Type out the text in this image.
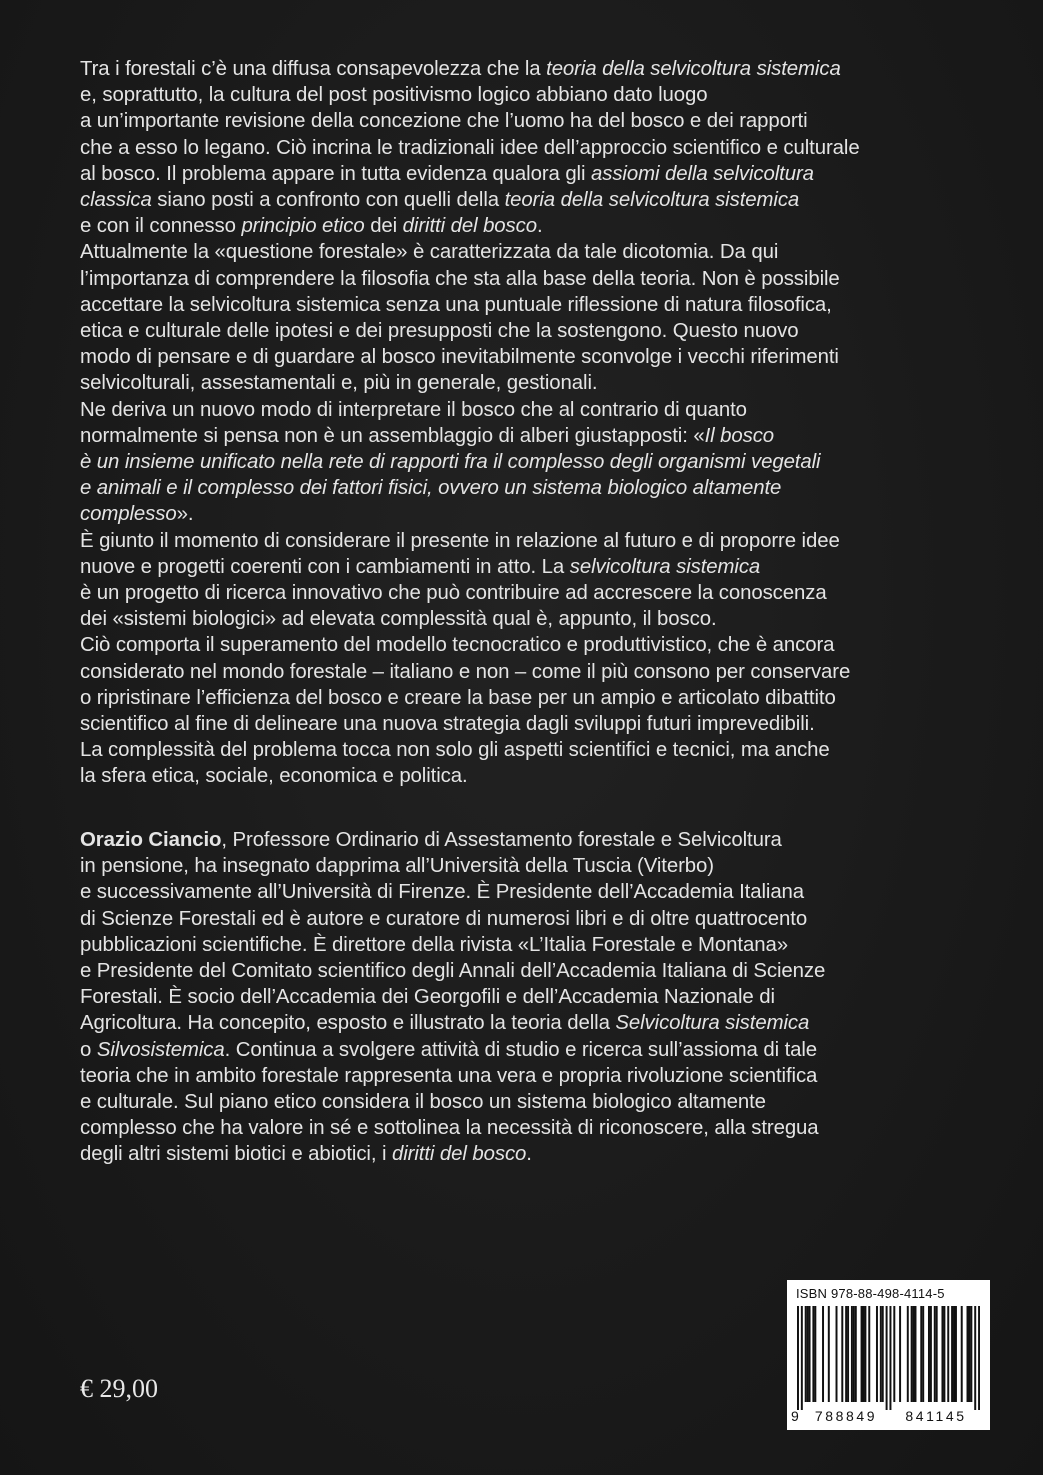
Tra i forestali c’è una diffusa consapevolezza che la teoria della selvicoltura sistemica
e, soprattutto, la cultura del post positivismo logico abbiano dato luogo
a un’importante revisione della concezione che l’uomo ha del bosco e dei rapporti
che a esso lo legano. Ciò incrina le tradizionali idee dell’approccio scientifico e culturale
al bosco. Il problema appare in tutta evidenza qualora gli assiomi della selvicoltura
classica siano posti a confronto con quelli della teoria della selvicoltura sistemica
e con il connesso principio etico dei diritti del bosco.

Attualmente la «questione forestale» è caratterizzata da tale dicotomia. Da qui
l’importanza di comprendere la filosofia che sta alla base della teoria. Non è possibile
accettare la selvicoltura sistemica senza una puntuale riflessione di natura filosofica,
etica e culturale delle ipotesi e dei presupposti che la sostengono. Questo nuovo
modo di pensare e di guardare al bosco inevitabilmente sconvolge i vecchi riferimenti
selvicolturali, assestamentali e, più in generale, gestionali.

Ne deriva un nuovo modo di interpretare il bosco che al contrario di quanto
normalmente si pensa non è un assemblaggio di alberi giustapposti: «Il bosco
è un insieme unificato nella rete di rapporti fra il complesso degli organismi vegetali
e animali e il complesso dei fattori fisici, ovvero un sistema biologico altamente
complesso».

È giunto il momento di considerare il presente in relazione al futuro e di proporre idee
nuove e progetti coerenti con i cambiamenti in atto. La selvicoltura sistemica
è un progetto di ricerca innovativo che può contribuire ad accrescere la conoscenza
dei «sistemi biologici» ad elevata complessità qual è, appunto, il bosco.

Ciò comporta il superamento del modello tecnocratico e produttivistico, che è ancora
considerato nel mondo forestale – italiano e non – come il più consono per conservare
o ripristinare l’efficienza del bosco e creare la base per un ampio e articolato dibattito
scientifico al fine di delineare una nuova strategia dagli sviluppi futuri imprevedibili.

La complessità del problema tocca non solo gli aspetti scientifici e tecnici, ma anche
la sfera etica, sociale, economica e politica.

Orazio Ciancio, Professore Ordinario di Assestamento forestale e Selvicoltura
in pensione, ha insegnato dapprima all’Università della Tuscia (Viterbo)
e successivamente all’Università di Firenze. È Presidente dell’Accademia Italiana
di Scienze Forestali ed è autore e curatore di numerosi libri e di oltre quattrocento
pubblicazioni scientifiche. È direttore della rivista «L’Italia Forestale e Montana»
e Presidente del Comitato scientifico degli Annali dell’Accademia Italiana di Scienze
Forestali. È socio dell’Accademia dei Georgofili e dell’Accademia Nazionale di
Agricoltura. Ha concepito, esposto e illustrato la teoria della Selvicoltura sistemica
o Silvosistemica. Continua a svolgere attività di studio e ricerca sull’assioma di tale
teoria che in ambito forestale rappresenta una vera e propria rivoluzione scientifica
e culturale. Sul piano etico considera il bosco un sistema biologico altamente
complesso che ha valore in sé e sottolinea la necessità di riconoscere, alla stregua
degli altri sistemi biotici e abiotici, i diritti del bosco.

€ 29,00
ISBN 978-88-498-4114-5
9	788849	841145
